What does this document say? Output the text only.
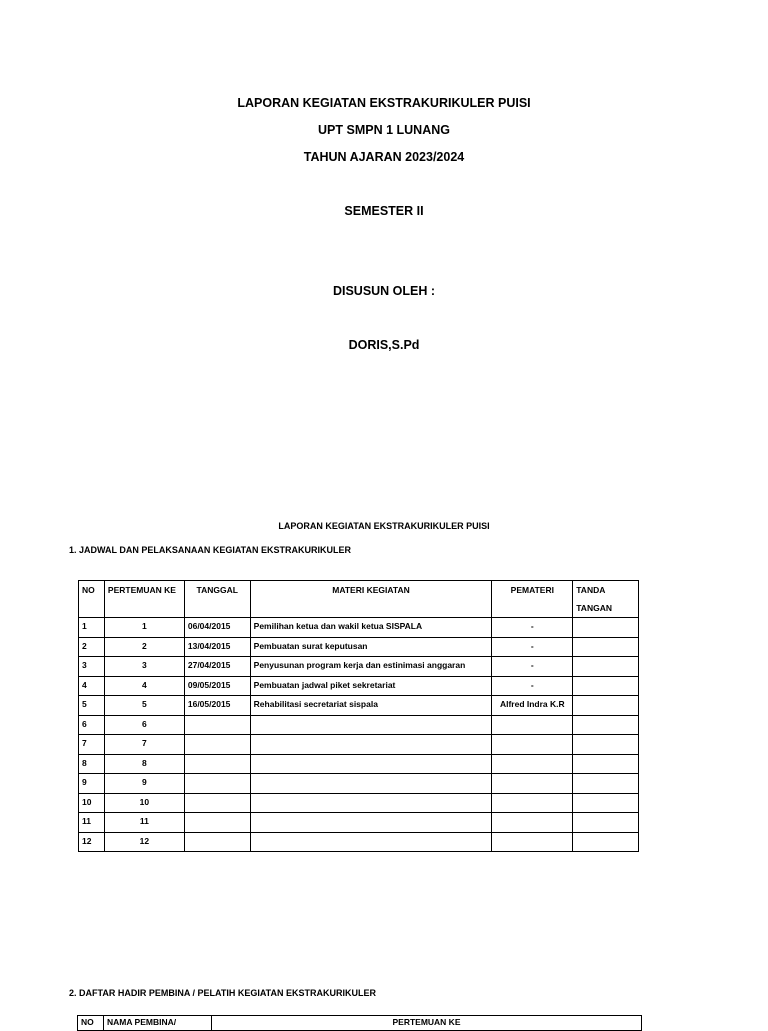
LAPORAN KEGIATAN EKSTRAKURIKULER PUISI
UPT SMPN 1 LUNANG
TAHUN AJARAN 2023/2024
SEMESTER II
DISUSUN OLEH :
DORIS,S.Pd
LAPORAN KEGIATAN EKSTRAKURIKULER PUISI
1. JADWAL DAN PELAKSANAAN KEGIATAN EKSTRAKURIKULER
NO	PERTEMUAN KE	TANGGAL	MATERI KEGIATAN	PEMATERI	TANDA
TANGAN
1	1	06/04/2015	Pemilihan ketua dan wakil ketua SISPALA	-	
2	2	13/04/2015	Pembuatan surat keputusan	-	
3	3	27/04/2015	Penyusunan program kerja dan estinimasi anggaran	-	
4	4	09/05/2015	Pembuatan jadwal piket sekretariat	-	
5	5	16/05/2015	Rehabilitasi secretariat sispala	Alfred Indra K.R	
6	6				
7	7				
8	8				
9	9				
10	10				
11	11				
12	12				
2. DAFTAR HADIR PEMBINA / PELATIH KEGIATAN EKSTRAKURIKULER
NO	NAMA PEMBINA/	PERTEMUAN KE
